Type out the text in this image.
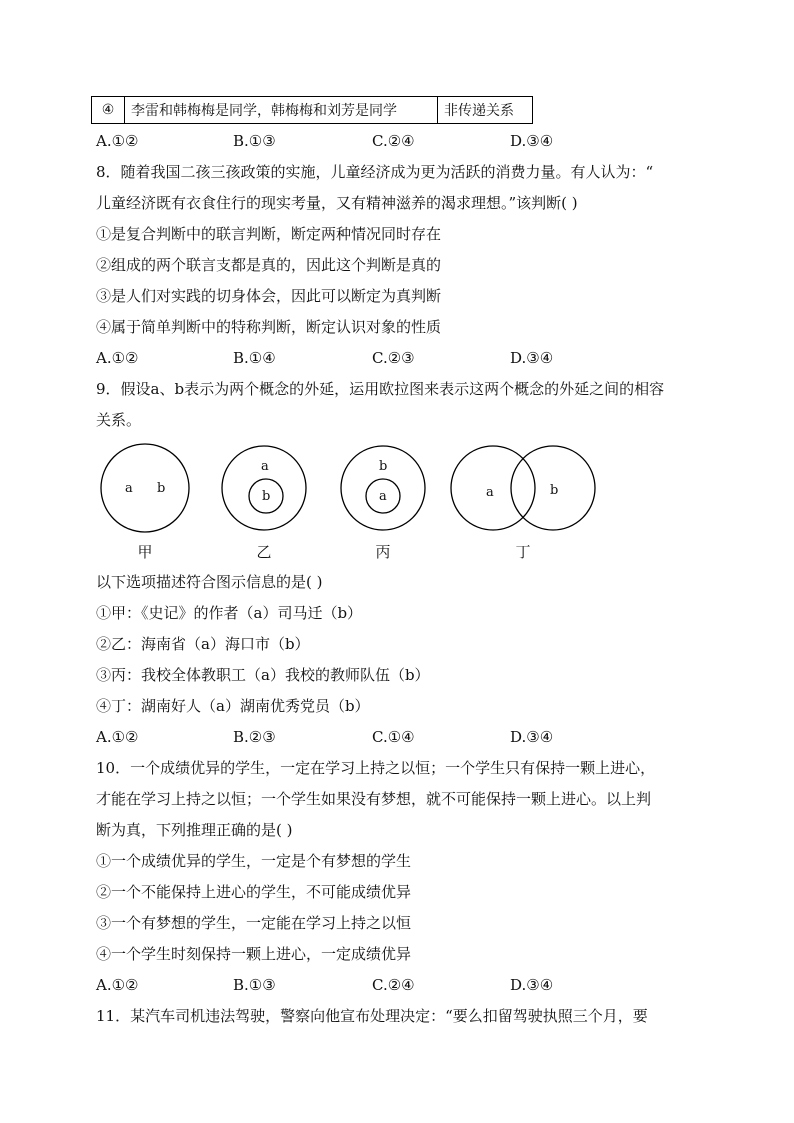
④	李雷和韩梅梅是同学，韩梅梅和刘芳是同学	非传递关系
A.①②	B.①③	C.②④	D.③④
8．随着我国二孩三孩政策的实施，儿童经济成为更为活跃的消费力量。有人认为：“
儿童经济既有衣食住行的现实考量，又有精神滋养的渴求理想。”该判断( )
①是复合判断中的联言判断，断定两种情况同时存在
②组成的两个联言支都是真的，因此这个判断是真的
③是人们对实践的切身体会，因此可以断定为真判断
④属于简单判断中的特称判断，断定认识对象的性质
A.①②	B.①④	C.②③	D.③④
9．假设a、b表示为两个概念的外延，运用欧拉图来表示这两个概念的外延之间的相容
关系。
a b
a
b
b
a	a	b
甲	乙	丙	丁
以下选项描述符合图示信息的是( )
①甲：《史记》的作者（a）司马迁（b）
②乙：海南省（a）海口市（b）
③丙：我校全体教职工（a）我校的教师队伍（b）
④丁：湖南好人（a）湖南优秀党员（b）
A.①②	B.②③	C.①④	D.③④
10．一个成绩优异的学生，一定在学习上持之以恒；一个学生只有保持一颗上进心，
才能在学习上持之以恒；一个学生如果没有梦想，就不可能保持一颗上进心。以上判
断为真，下列推理正确的是( )
①一个成绩优异的学生，一定是个有梦想的学生
②一个不能保持上进心的学生，不可能成绩优异
③一个有梦想的学生，一定能在学习上持之以恒
④一个学生时刻保持一颗上进心，一定成绩优异
A.①②	B.①③	C.②④	D.③④
11．某汽车司机违法驾驶，警察向他宣布处理决定：“要么扣留驾驶执照三个月，要
